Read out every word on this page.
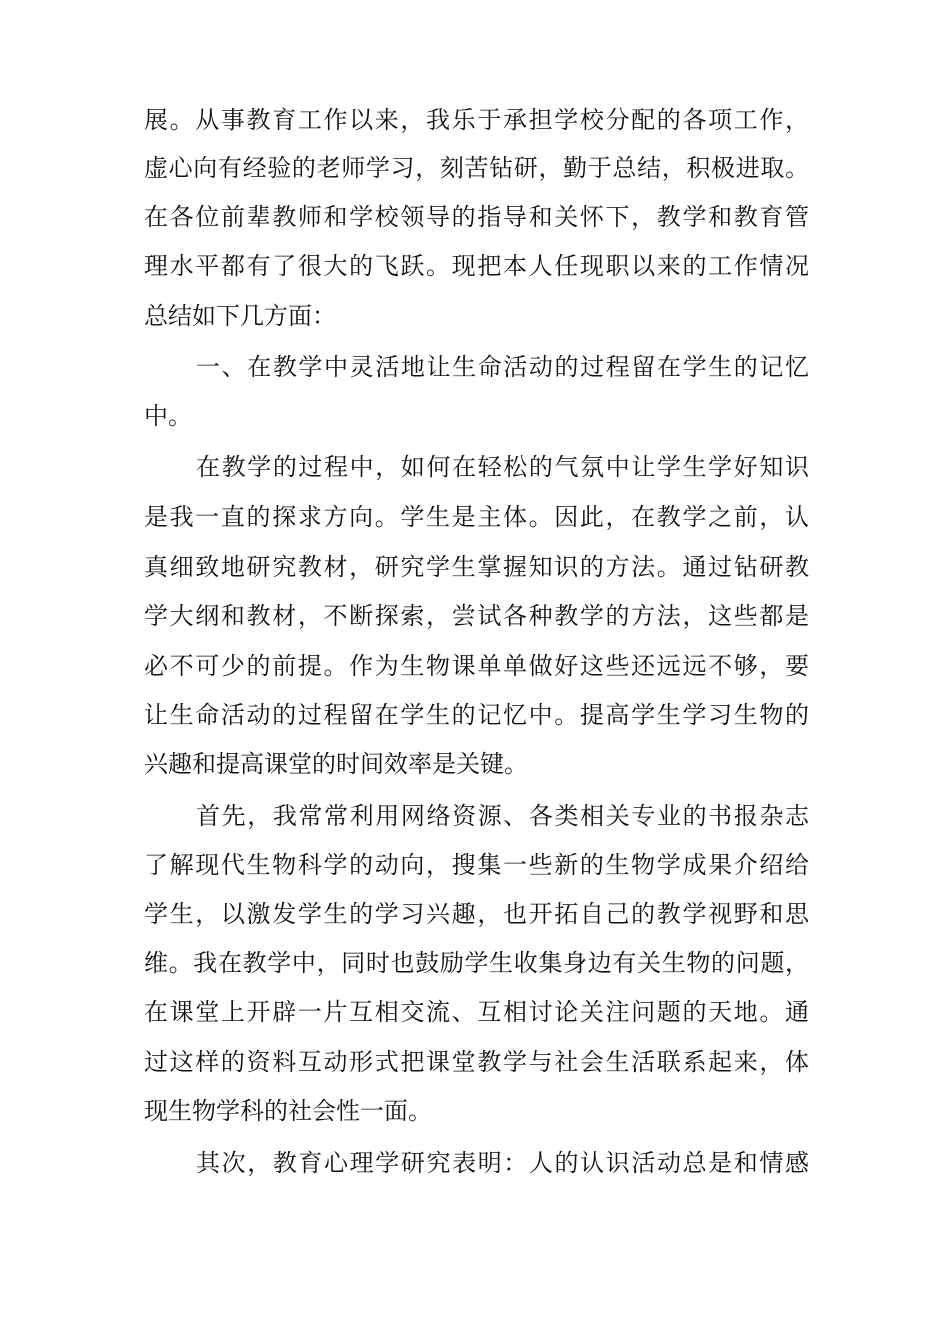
展。从事教育工作以来，我乐于承担学校分配的各项工作，
虚心向有经验的老师学习，刻苦钻研，勤于总结，积极进取。
在各位前辈教师和学校领导的指导和关怀下，教学和教育管
理水平都有了很大的飞跃。现把本人任现职以来的工作情况
总结如下几方面：
一、在教学中灵活地让生命活动的过程留在学生的记忆
中。
在教学的过程中，如何在轻松的气氛中让学生学好知识
是我一直的探求方向。学生是主体。因此，在教学之前，认
真细致地研究教材，研究学生掌握知识的方法。通过钻研教
学大纲和教材，不断探索，尝试各种教学的方法，这些都是
必不可少的前提。作为生物课单单做好这些还远远不够，要
让生命活动的过程留在学生的记忆中。提高学生学习生物的
兴趣和提高课堂的时间效率是关键。
首先，我常常利用网络资源、各类相关专业的书报杂志
了解现代生物科学的动向，搜集一些新的生物学成果介绍给
学生，以激发学生的学习兴趣，也开拓自己的教学视野和思
维。我在教学中，同时也鼓励学生收集身边有关生物的问题，
在课堂上开辟一片互相交流、互相讨论关注问题的天地。通
过这样的资料互动形式把课堂教学与社会生活联系起来，体
现生物学科的社会性一面。
其次，教育心理学研究表明：人的认识活动总是和情感
